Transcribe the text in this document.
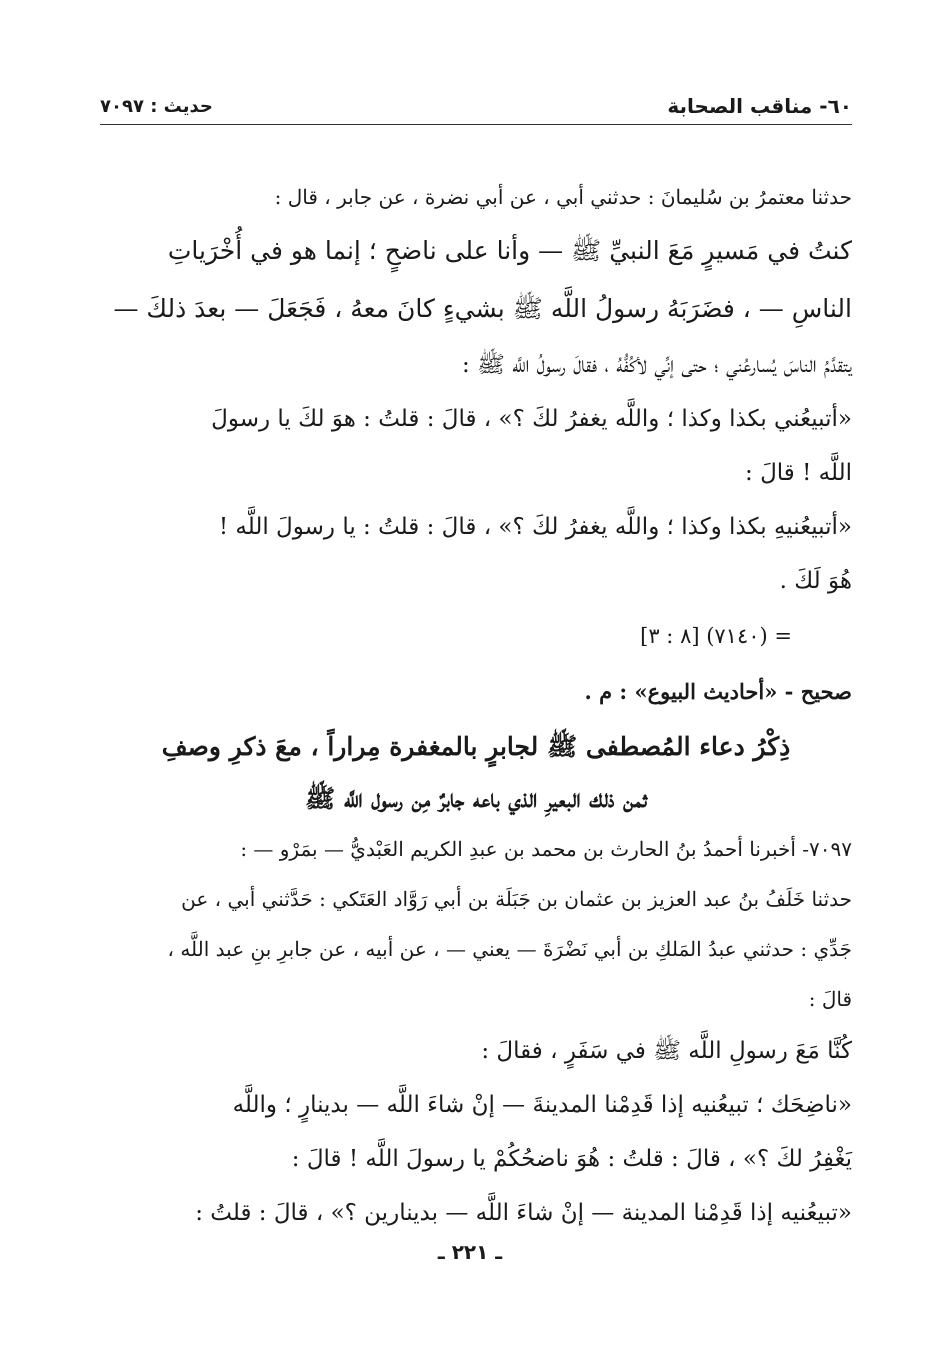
٦٠- مناقب الصحابة
حديث : ٧٠٩٧

حدثنا معتمرُ بن سُليمانَ : حدثني أبي ، عن أبي نضرة ، عن جابر ، قال :

كنتُ في مَسيرٍ مَعَ النبيِّ ﷺ — وأنا على ناضحٍ ؛ إنما هو في أُخْرَياتِ

الناسِ — ، فضَرَبَهُ رسولُ اللَّه ﷺ بشيءٍ كانَ معهُ ، فَجَعَلَ — بعدَ ذلكَ —

يتقدَّمُ الناسَ يُسارعُني ؛ حتى إنِّي لأكُفُّهُ ، فقالَ رسولُ اللَّه ﷺ :

«أتبيعُني بكذا وكذا ؛ واللَّه يغفرُ لكَ ؟» ، قالَ : قلتُ : هوَ لكَ يا رسولَ

اللَّه ! قالَ :

«أتبيعُنيهِ بكذا وكذا ؛ واللَّه يغفرُ لكَ ؟» ، قالَ : قلتُ : يا رسولَ اللَّه !

هُوَ لَكَ .

= (٧١٤٠) [٨ : ٣]

صحيح - «أحاديث البيوع» : م .

ذِكْرُ دعاء المُصطفى ﷺ لجابرٍ بالمغفرة مِراراً ، معَ ذكرِ وصفِ

ثمن ذلك البعيرِ الذي باعه جابرٌ مِن رسول اللَّه ﷺ

٧٠٩٧- أخبرنا أحمدُ بنُ الحارث بن محمد بن عبدِ الكريم العَبْديُّ — بمَرْو — :

حدثنا خَلَفُ بنُ عبد العزيز بن عثمان بن جَبَلَة بن أبي رَوَّاد العَتَكي : حَدَّثني أبي ، عن

جَدِّي : حدثني عبدُ المَلكِ بن أبي نَضْرَةَ — يعني — ، عن أبيه ، عن جابرِ بنِ عبد اللَّه ،

قالَ :

كُنَّا مَعَ رسولِ اللَّه ﷺ في سَفَرٍ ، فقالَ :

«ناضِحَك ؛ تبيعُنيه إذا قَدِمْنا المدينةَ — إنْ شاءَ اللَّه — بدينارٍ ؛ واللَّه

يَغْفِرُ لكَ ؟» ، قالَ : قلتُ : هُوَ ناضحُكُمْ يا رسولَ اللَّه ! قالَ :

«تبيعُنيه إذا قَدِمْنا المدينة — إنْ شاءَ اللَّه — بدينارين ؟» ، قالَ : قلتُ :

ـ ٢٢١ ـ
